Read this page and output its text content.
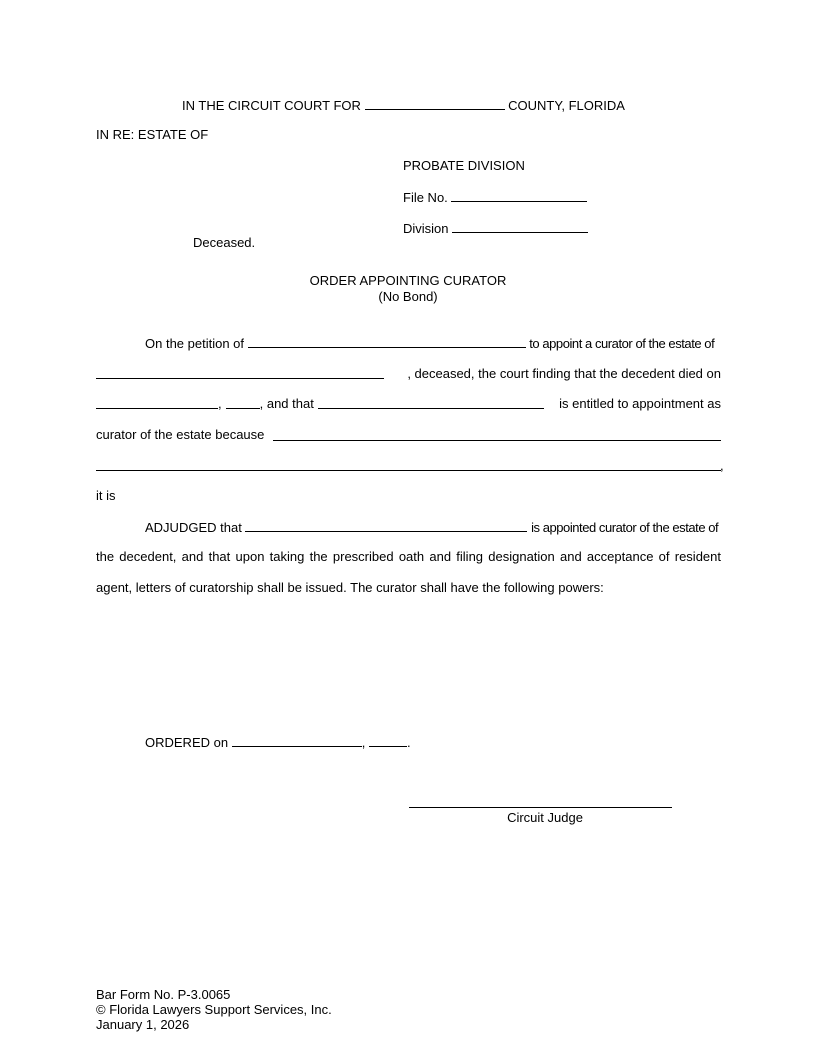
IN THE CIRCUIT COURT FOR	COUNTY, FLORIDA
IN RE: ESTATE OF
PROBATE DIVISION
File No.
Division
Deceased.
ORDER APPOINTING CURATOR
(No Bond)
On the petition of	to appoint a curator of the estate of
, deceased, the court finding that the decedent died on
,	, and that	is entitled to appointment as
curator of the estate because
,
it is
ADJUDGED that	is appointed curator of the estate of
the decedent, and that upon taking the prescribed oath and filing designation and acceptance of resident
agent, letters of curatorship shall be issued. The curator shall have the following powers:
ORDERED on	,	.
Circuit Judge
Bar Form No. P-3.0065
© Florida Lawyers Support Services, Inc.
January 1, 2026
